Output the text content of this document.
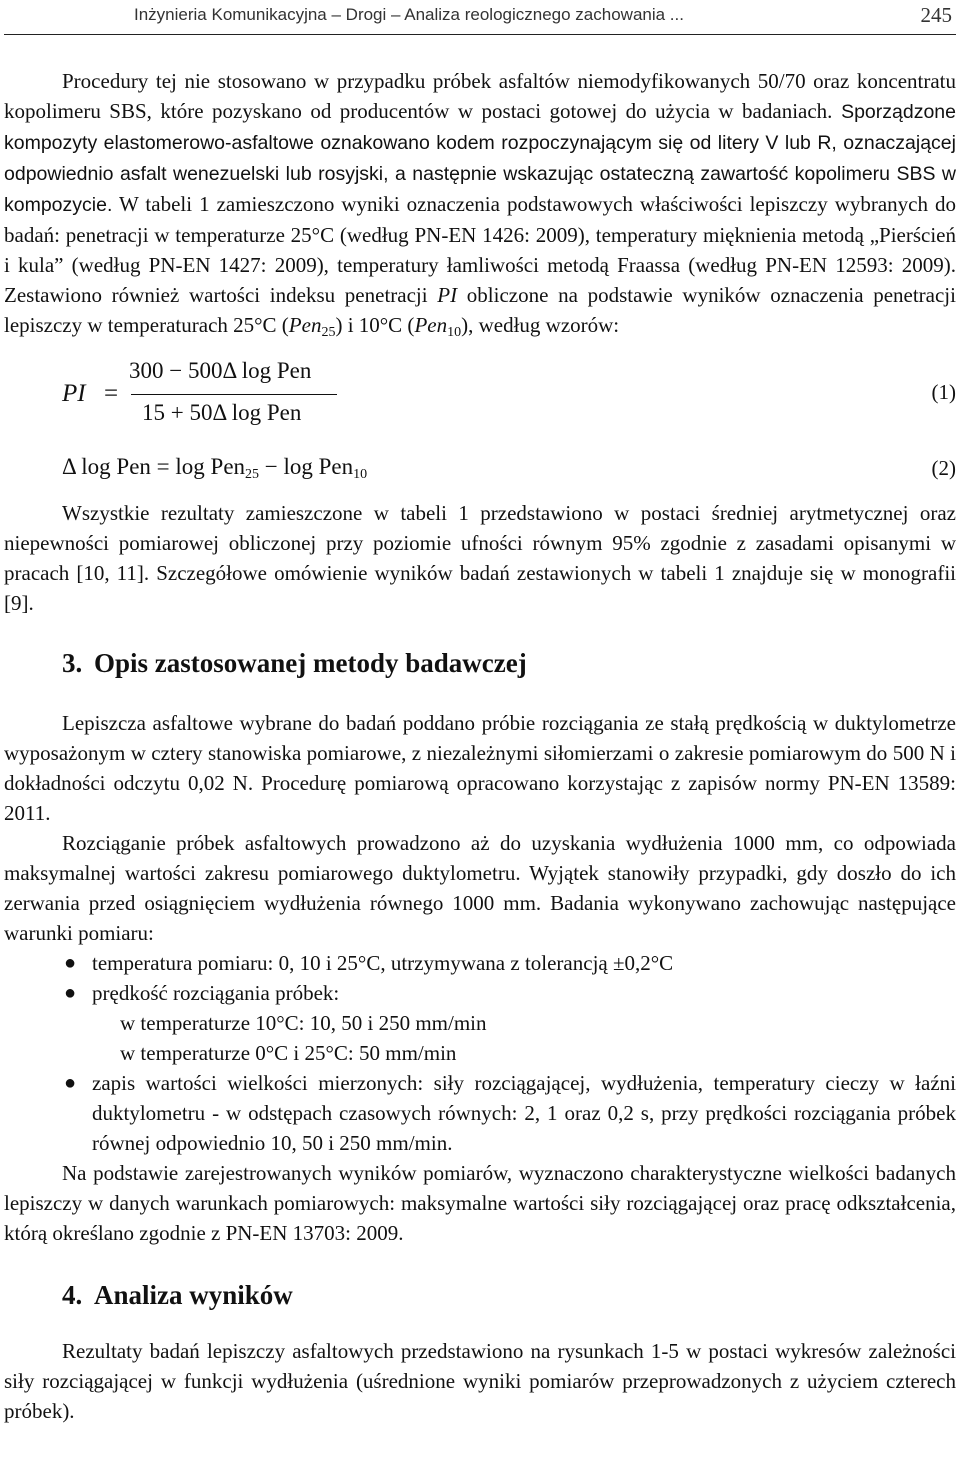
Inżynieria Komunikacyjna – Drogi – Analiza reologicznego zachowania ...	245

Procedury tej nie stosowano w przypadku próbek asfaltów niemodyfikowanych 50/70 oraz koncentratu kopolimeru SBS, które pozyskano od producentów w postaci gotowej do użycia w badaniach. Sporządzone kompozyty elastomerowo-asfaltowe oznakowano kodem rozpoczynającym się od litery V lub R, oznaczającej odpowiednio asfalt wenezuelski lub rosyjski, a następnie wskazując ostateczną zawartość kopolimeru SBS w kompozycie. W tabeli 1 zamieszczono wyniki oznaczenia podstawowych właściwości lepiszczy wybranych do badań: penetracji w temperaturze 25°C (według PN-EN 1426: 2009), temperatury mięknienia metodą „Pierścień i kula” (według PN-EN 1427: 2009), temperatury łamliwości metodą Fraassa (według PN-EN 12593: 2009). Zestawiono również wartości indeksu penetracji PI obliczone na podstawie wyników oznaczenia penetracji lepiszczy w temperaturach 25°C (Pen$_{25}$) i 10°C (Pen$_{10}$), według wzorów:

PI =
300 − 500Δ log Pen
15 + 50Δ log Pen
(1)
Δ log Pen = log Pen$_{25}$ − log Pen$_{10}$	(2)

Wszystkie rezultaty zamieszczone w tabeli 1 przedstawiono w postaci średniej arytmetycznej oraz niepewności pomiarowej obliczonej przy poziomie ufności równym 95% zgodnie z zasadami opisanymi w pracach [10, 11]. Szczegółowe omówienie wyników badań zestawionych w tabeli 1 znajduje się w monografii [9].

3. Opis zastosowanej metody badawczej

Lepiszcza asfaltowe wybrane do badań poddano próbie rozciągania ze stałą prędkością w duktylometrze wyposażonym w cztery stanowiska pomiarowe, z niezależnymi siłomierzami o zakresie pomiarowym do 500 N i dokładności odczytu 0,02 N. Procedurę pomiarową opracowano korzystając z zapisów normy PN-EN 13589: 2011.

Rozciąganie próbek asfaltowych prowadzono aż do uzyskania wydłużenia 1000 mm, co odpowiada maksymalnej wartości zakresu pomiarowego duktylometru. Wyjątek stanowiły przypadki, gdy doszło do ich zerwania przed osiągnięciem wydłużenia równego 1000 mm. Badania wykonywano zachowując następujące warunki pomiaru:

● temperatura pomiaru: 0, 10 i 25°C, utrzymywana z tolerancją ±0,2°C
● prędkość rozciągania próbek:
w temperaturze 10°C: 10, 50 i 250 mm/min
w temperaturze 0°C i 25°C: 50 mm/min
● zapis wartości wielkości mierzonych: siły rozciągającej, wydłużenia, temperatury cieczy w łaźni duktylometru - w odstępach czasowych równych: 2, 1 oraz 0,2 s, przy prędkości rozciągania próbek równej odpowiednio 10, 50 i 250 mm/min.

Na podstawie zarejestrowanych wyników pomiarów, wyznaczono charakterystyczne wielkości badanych lepiszczy w danych warunkach pomiarowych: maksymalne wartości siły rozciągającej oraz pracę odkształcenia, którą określano zgodnie z PN-EN 13703: 2009.

4. Analiza wyników

Rezultaty badań lepiszczy asfaltowych przedstawiono na rysunkach 1-5 w postaci wykresów zależności siły rozciągającej w funkcji wydłużenia (uśrednione wyniki pomiarów przeprowadzonych z użyciem czterech próbek).
